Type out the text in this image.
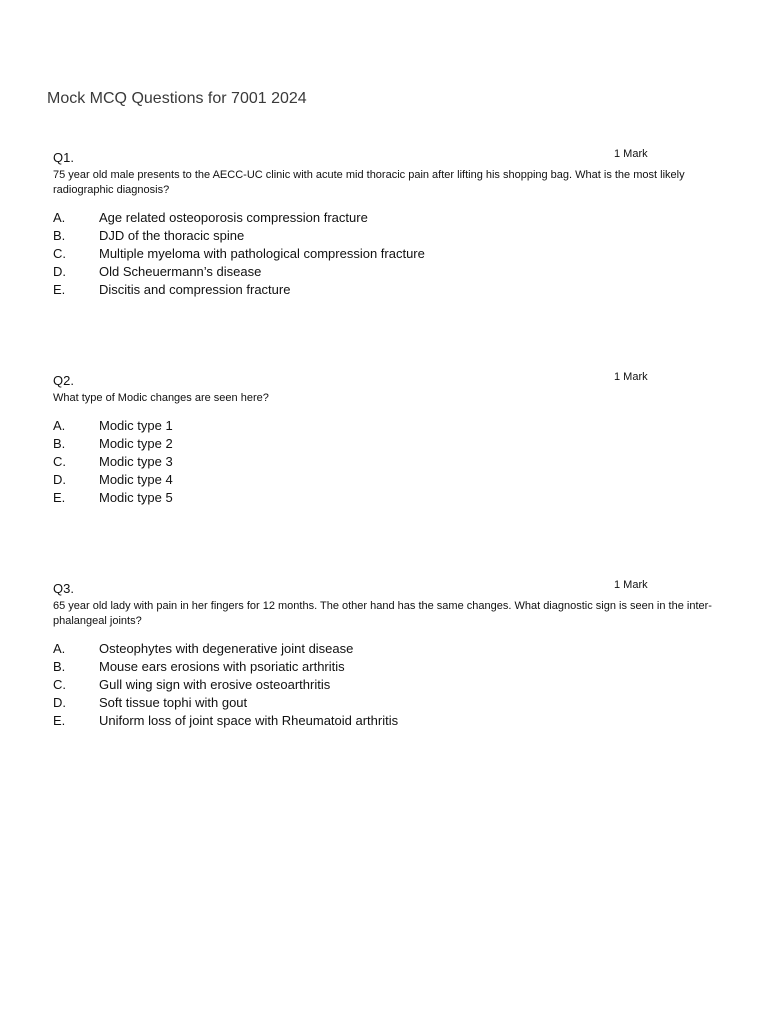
Mock MCQ Questions for 7001 2024
Q1.	1 Mark

75 year old male presents to the AECC-UC clinic with acute mid thoracic pain after lifting his shopping bag. What is the most likely radiographic diagnosis?

A.	Age related osteoporosis compression fracture
B.	DJD of the thoracic spine
C.	Multiple myeloma with pathological compression fracture
D.	Old Scheuermann’s disease
E.	Discitis and compression fracture
Q2.	1 Mark

What type of Modic changes are seen here?

A.	Modic type 1
B.	Modic type 2
C.	Modic type 3
D.	Modic type 4
E.	Modic type 5
Q3.	1 Mark

65 year old lady with pain in her fingers for 12 months. The other hand has the same changes. What diagnostic sign is seen in the inter-phalangeal joints?

A.	Osteophytes with degenerative joint disease
B.	Mouse ears erosions with psoriatic arthritis
C.	Gull wing sign with erosive osteoarthritis
D.	Soft tissue tophi with gout
E.	Uniform loss of joint space with Rheumatoid arthritis
